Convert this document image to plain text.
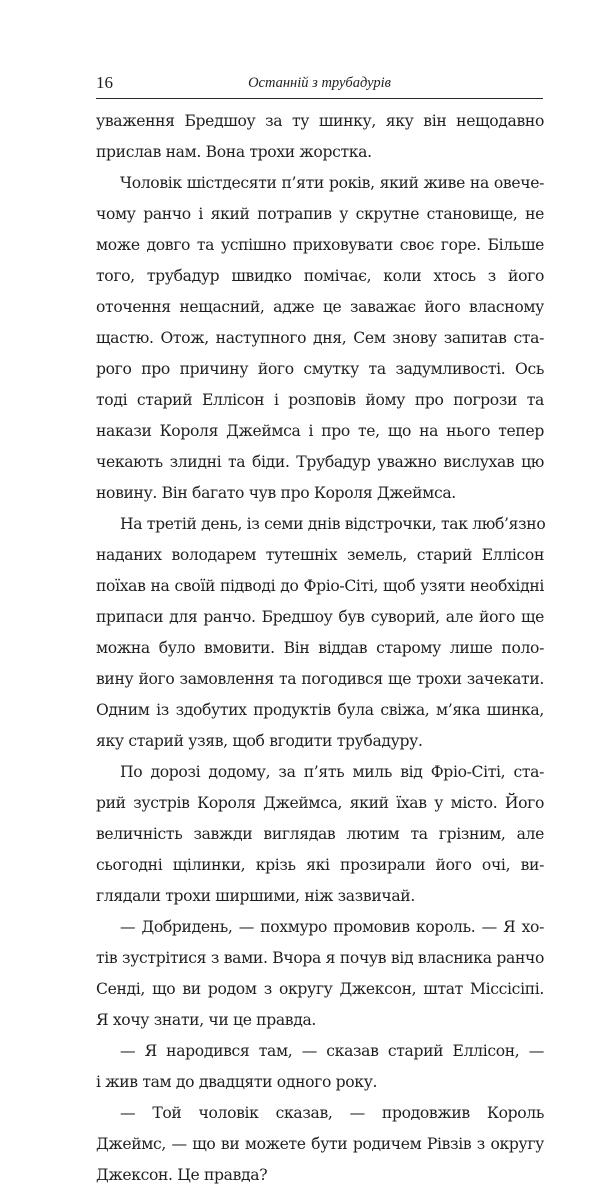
16	Останній з трубадурів
уваження Бредшоу за ту шинку, яку він нещодавно
прислав нам. Вона трохи жорстка.
Чоловік шістдесяти п’яти років, який живе на овече-
чому ранчо і який потрапив у скрутне становище, не
може довго та успішно приховувати своє горе. Більше
того, трубадур швидко помічає, коли хтось з його
оточення нещасний, адже це заважає його власному
щастю. Отож, наступного дня, Сем знову запитав ста-
рого про причину його смутку та задумливості. Ось
тоді старий Еллісон і розповів йому про погрози та
накази Короля Джеймса і про те, що на нього тепер
чекають злидні та біди. Трубадур уважно вислухав цю
новину. Він багато чув про Короля Джеймса.
На третій день, із семи днів відстрочки, так люб’язно
наданих володарем тутешніх земель, старий Еллісон
поїхав на своїй підводі до Фріо-Сіті, щоб узяти необхідні
припаси для ранчо. Бредшоу був суворий, але його ще
можна було вмовити. Він віддав старому лише поло-
вину його замовлення та погодився ще трохи зачекати.
Одним із здобутих продуктів була свіжа, м’яка шинка,
яку старий узяв, щоб вгодити трубадуру.
По дорозі додому, за п’ять миль від Фріо-Сіті, ста-
рий зустрів Короля Джеймса, який їхав у місто. Його
величність завжди виглядав лютим та грізним, але
сьогодні щілинки, крізь які прозирали його очі, ви-
глядали трохи ширшими, ніж зазвичай.
— Добридень, — похмуро промовив король. — Я хо-
тів зустрітися з вами. Вчора я почув від власника ранчо
Сенді, що ви родом з округу Джексон, штат Міссісіпі.
Я хочу знати, чи це правда.
— Я народився там, — сказав старий Еллісон, —
і жив там до двадцяти одного року.
— Той чоловік сказав, — продовжив Король
Джеймс, — що ви можете бути родичем Рівзів з округу
Джексон. Це правда?
